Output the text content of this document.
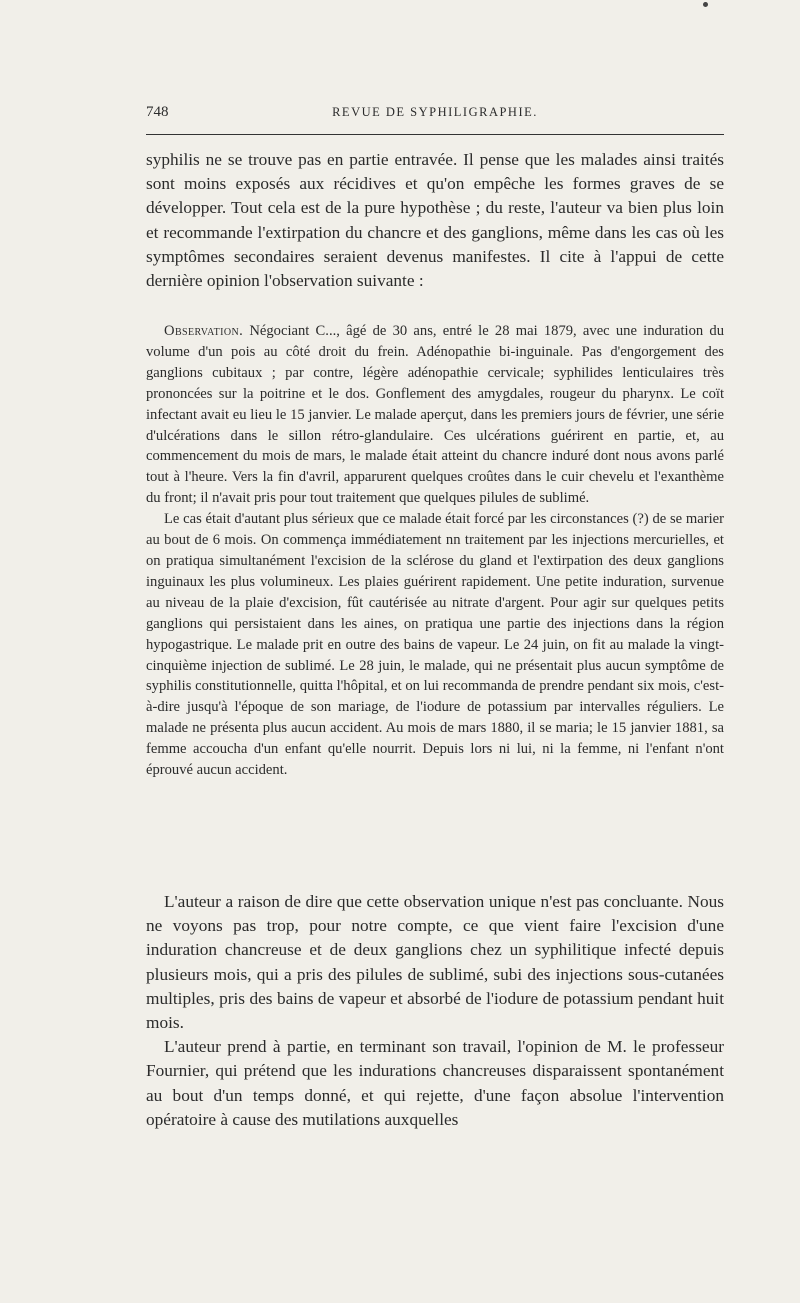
748	REVUE DE SYPHILIGRAPHIE.

syphilis ne se trouve pas en partie entravée. Il pense que les malades ainsi traités sont moins exposés aux récidives et qu'on empêche les formes graves de se développer. Tout cela est de la pure hypothèse ; du reste, l'auteur va bien plus loin et recommande l'extirpation du chancre et des ganglions, même dans les cas où les symptômes secondaires seraient devenus manifestes. Il cite à l'appui de cette dernière opinion l'observation suivante :

Observation. Négociant C..., âgé de 30 ans, entré le 28 mai 1879, avec une induration du volume d'un pois au côté droit du frein. Adénopathie bi-inguinale. Pas d'engorgement des ganglions cubitaux ; par contre, légère adénopathie cervicale; syphilides lenticulaires très prononcées sur la poitrine et le dos. Gonflement des amygdales, rougeur du pharynx. Le coït infectant avait eu lieu le 15 janvier. Le malade aperçut, dans les premiers jours de février, une série d'ulcérations dans le sillon rétro-glandulaire. Ces ulcérations guérirent en partie, et, au commencement du mois de mars, le malade était atteint du chancre induré dont nous avons parlé tout à l'heure. Vers la fin d'avril, apparurent quelques croûtes dans le cuir chevelu et l'exanthème du front; il n'avait pris pour tout traitement que quelques pilules de sublimé.

Le cas était d'autant plus sérieux que ce malade était forcé par les circonstances (?) de se marier au bout de 6 mois. On commença immédiatement nn traitement par les injections mercurielles, et on pratiqua simultanément l'excision de la sclérose du gland et l'extirpation des deux ganglions inguinaux les plus volumineux. Les plaies guérirent rapidement. Une petite induration, survenue au niveau de la plaie d'excision, fût cautérisée au nitrate d'argent. Pour agir sur quelques petits ganglions qui persistaient dans les aines, on pratiqua une partie des injections dans la région hypogastrique. Le malade prit en outre des bains de vapeur. Le 24 juin, on fit au malade la vingt-cinquième injection de sublimé. Le 28 juin, le malade, qui ne présentait plus aucun symptôme de syphilis constitutionnelle, quitta l'hôpital, et on lui recommanda de prendre pendant six mois, c'est-à-dire jusqu'à l'époque de son mariage, de l'iodure de potassium par intervalles réguliers. Le malade ne présenta plus aucun accident. Au mois de mars 1880, il se maria; le 15 janvier 1881, sa femme accoucha d'un enfant qu'elle nourrit. Depuis lors ni lui, ni la femme, ni l'enfant n'ont éprouvé aucun accident.

L'auteur a raison de dire que cette observation unique n'est pas concluante. Nous ne voyons pas trop, pour notre compte, ce que vient faire l'excision d'une induration chancreuse et de deux ganglions chez un syphilitique infecté depuis plusieurs mois, qui a pris des pilules de sublimé, subi des injections sous-cutanées multiples, pris des bains de vapeur et absorbé de l'iodure de potassium pendant huit mois.

L'auteur prend à partie, en terminant son travail, l'opinion de M. le professeur Fournier, qui prétend que les indurations chancreuses disparaissent spontanément au bout d'un temps donné, et qui rejette, d'une façon absolue l'intervention opératoire à cause des mutilations auxquelles
